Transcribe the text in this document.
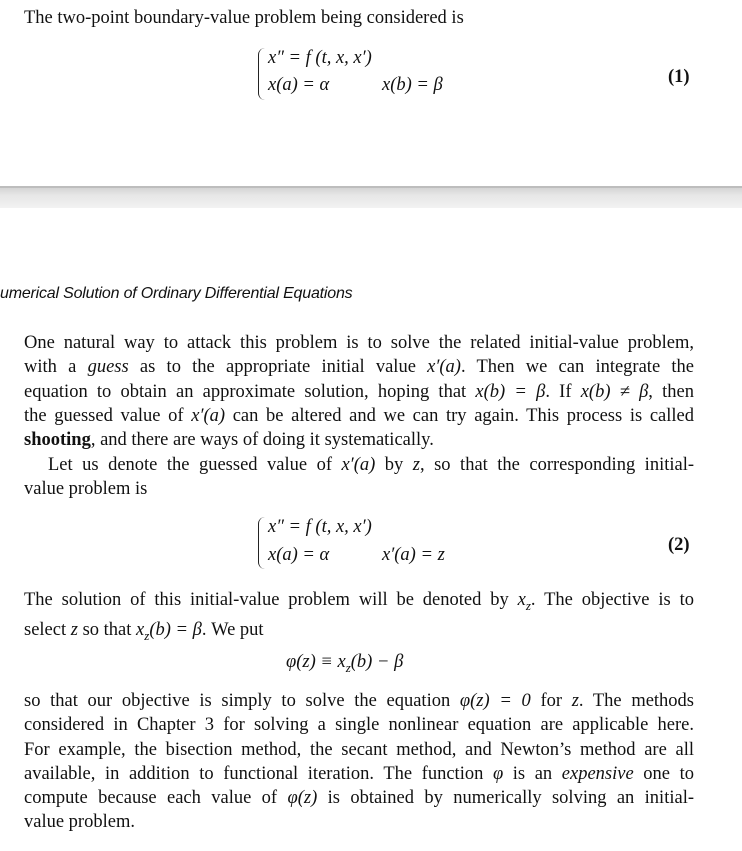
The two-point boundary-value problem being considered is
x″ = f (t, x, x′)
x(a) = α	x(b) = β	(1)
umerical Solution of Ordinary Differential Equations
One natural way to attack this problem is to solve the related initial-value problem,
with a guess as to the appropriate initial value x′(a). Then we can integrate the
equation to obtain an approximate solution, hoping that x(b) = β. If x(b) ≠ β, then
the guessed value of x′(a) can be altered and we can try again. This process is called
shooting, and there are ways of doing it systematically.
Let us denote the guessed value of x′(a) by z, so that the corresponding initial-
value problem is
x″ = f (t, x, x′)
x(a) = α	x′(a) = z	(2)
The solution of this initial-value problem will be denoted by $x_z$. The objective is to
select z so that $x_z(b) = \beta$. We put
$\varphi(z) \equiv x_z(b) - \beta$
so that our objective is simply to solve the equation φ(z) = 0 for z. The methods
considered in Chapter 3 for solving a single nonlinear equation are applicable here.
For example, the bisection method, the secant method, and Newton’s method are all
available, in addition to functional iteration. The function φ is an expensive one to
compute because each value of φ(z) is obtained by numerically solving an initial-
value problem.
